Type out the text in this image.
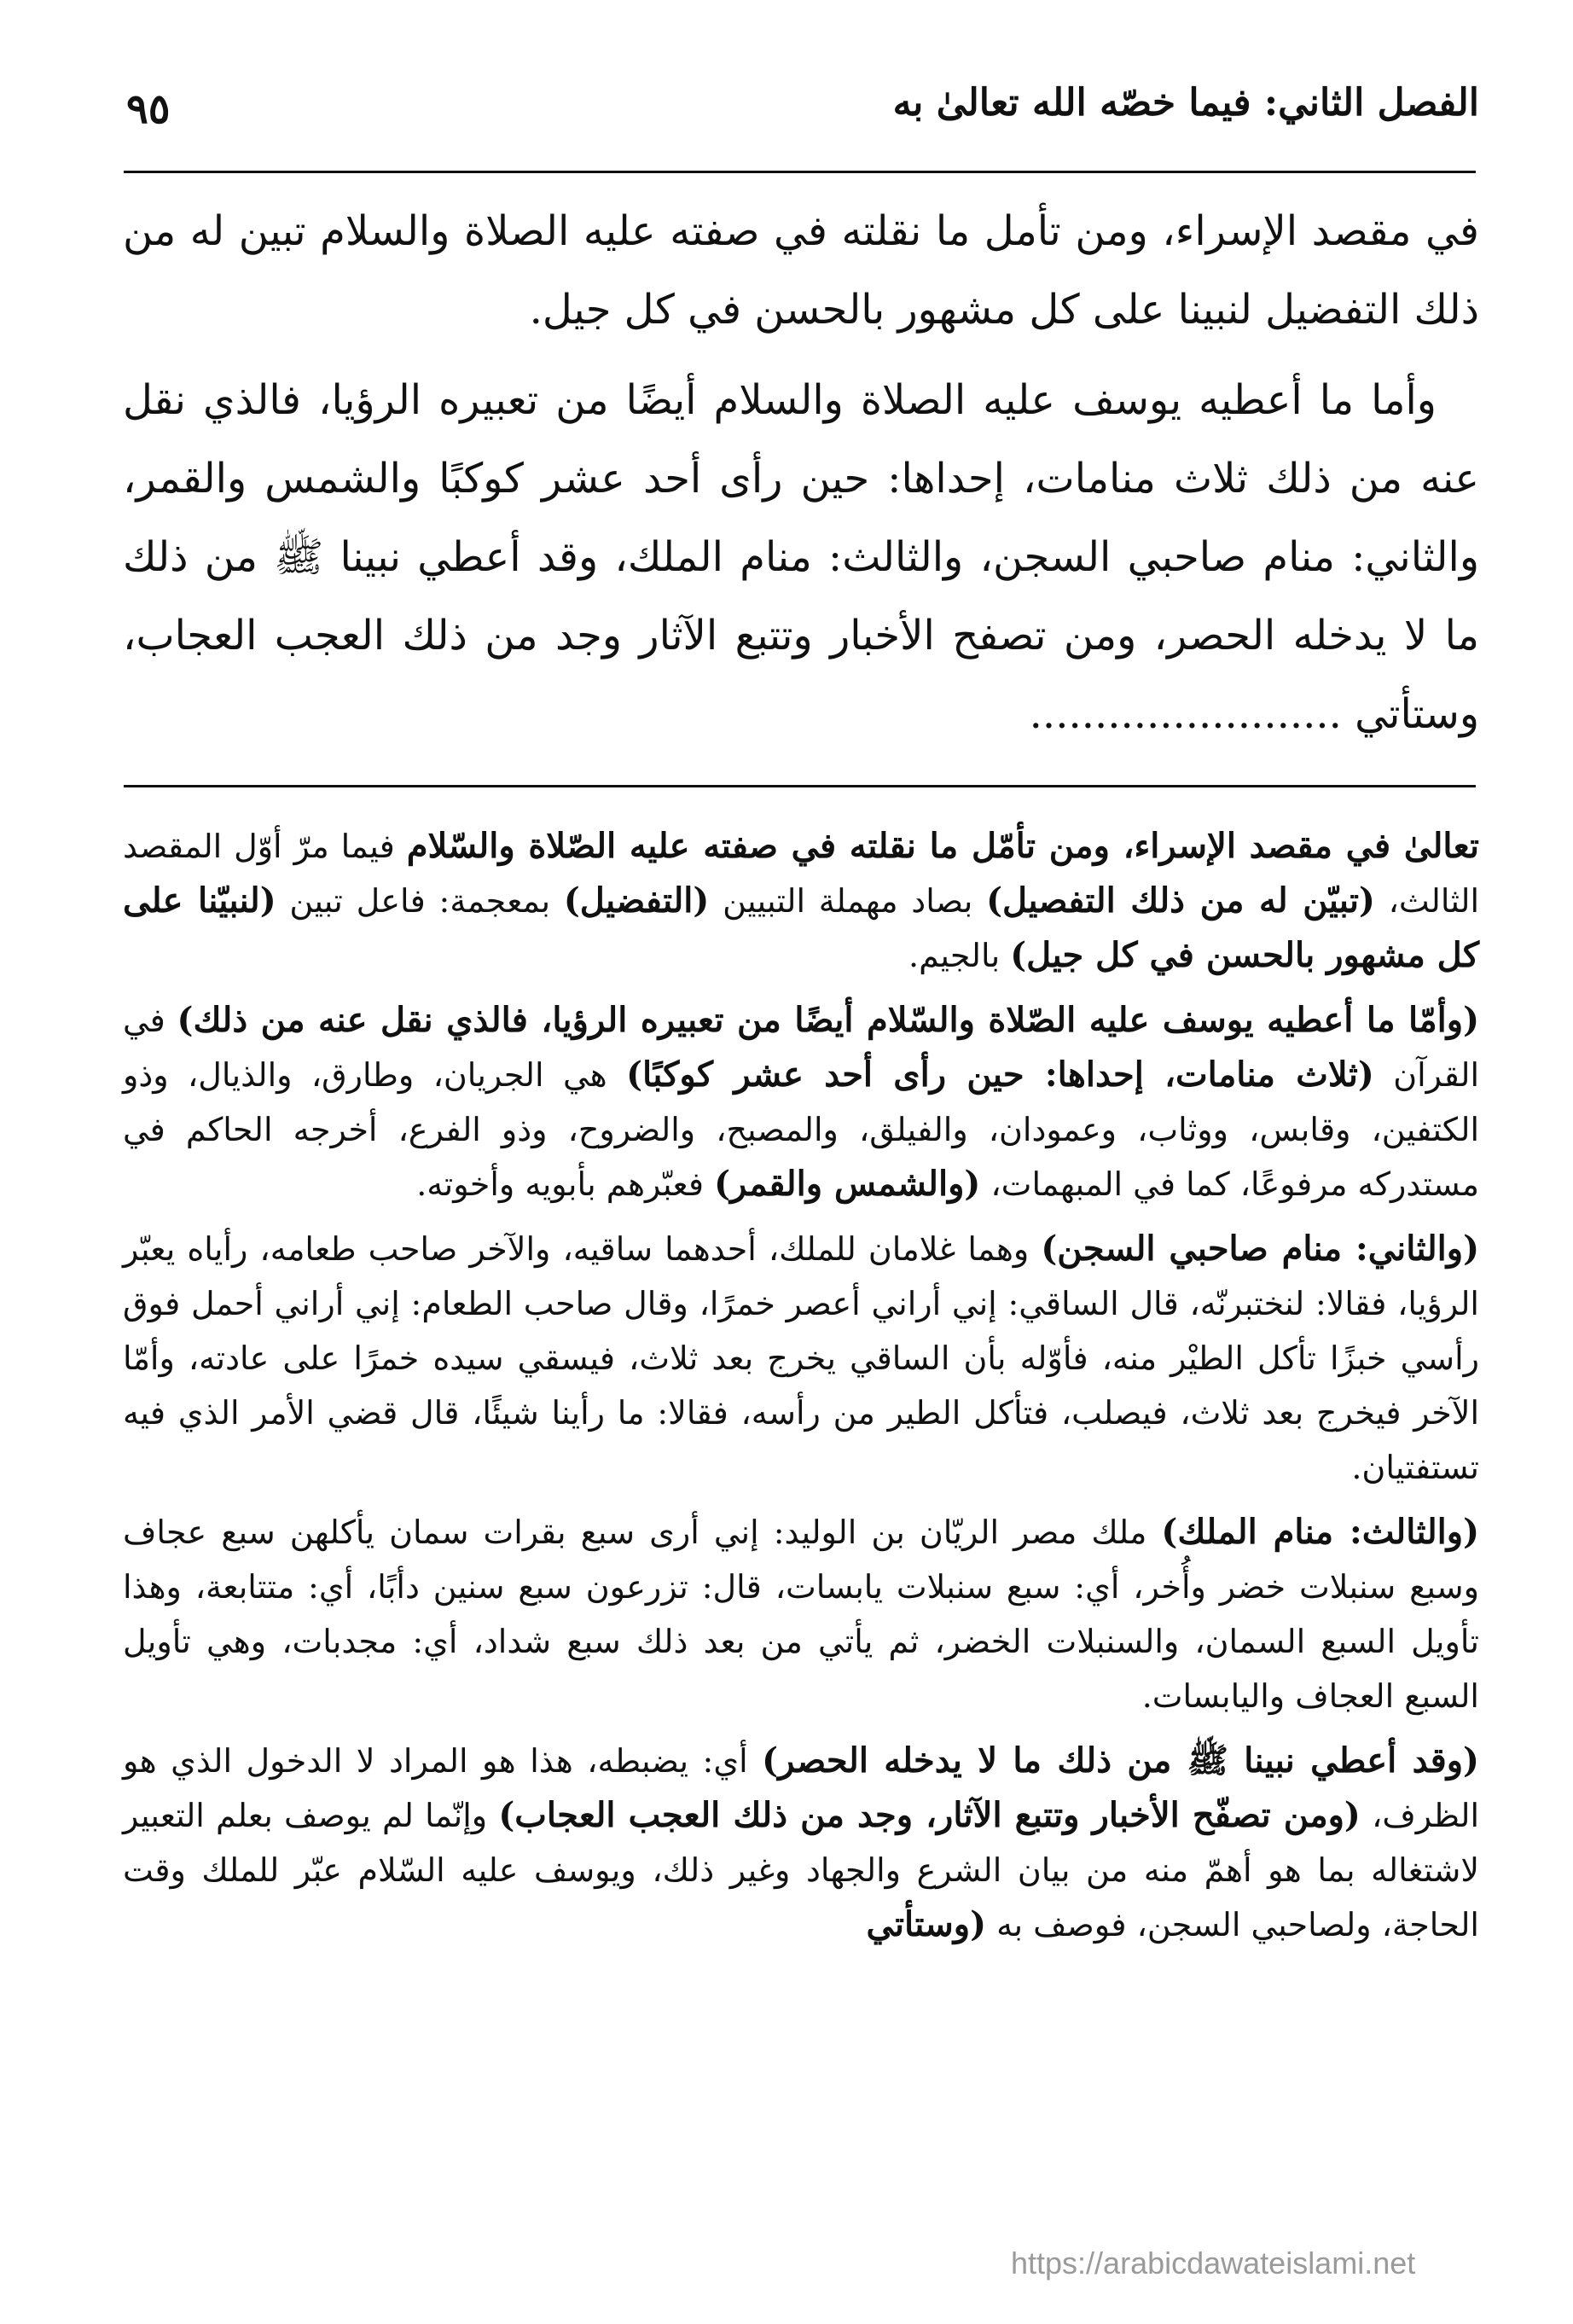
الفصل الثاني: فيما خصّه الله تعالىٰ به
٩٥

في مقصد الإسراء، ومن تأمل ما نقلته في صفته عليه الصلاة والسلام تبين له من ذلك التفضيل لنبينا على كل مشهور بالحسن في كل جيل.

وأما ما أعطيه يوسف عليه الصلاة والسلام أيضًا من تعبيره الرؤيا، فالذي نقل عنه من ذلك ثلاث منامات، إحداها: حين رأى أحد عشر كوكبًا والشمس والقمر، والثاني: منام صاحبي السجن، والثالث: منام الملك، وقد أعطي نبينا ﷺ من ذلك ما لا يدخله الحصر، ومن تصفح الأخبار وتتبع الآثار وجد من ذلك العجب العجاب، وستأتي ........................

تعالىٰ في مقصد الإسراء، ومن تأمّل ما نقلته في صفته عليه الصّلاة والسّلام فيما مرّ أوّل المقصد الثالث، (تبيّن له من ذلك التفصيل) بصاد مهملة التبيين (التفضيل) بمعجمة: فاعل تبين (لنبيّنا على كل مشهور بالحسن في كل جيل) بالجيم.

(وأمّا ما أعطيه يوسف عليه الصّلاة والسّلام أيضًا من تعبيره الرؤيا، فالذي نقل عنه من ذلك) في القرآن (ثلاث منامات، إحداها: حين رأى أحد عشر كوكبًا) هي الجريان، وطارق، والذيال، وذو الكتفين، وقابس، ووثاب، وعمودان، والفيلق، والمصبح، والضروح، وذو الفرع، أخرجه الحاكم في مستدركه مرفوعًا، كما في المبهمات، (والشمس والقمر) فعبّرهم بأبويه وأخوته.

(والثاني: منام صاحبي السجن) وهما غلامان للملك، أحدهما ساقيه، والآخر صاحب طعامه، رأياه يعبّر الرؤيا، فقالا: لنختبرنّه، قال الساقي: إني أراني أعصر خمرًا، وقال صاحب الطعام: إني أراني أحمل فوق رأسي خبزًا تأكل الطيْر منه، فأوّله بأن الساقي يخرج بعد ثلاث، فيسقي سيده خمرًا على عادته، وأمّا الآخر فيخرج بعد ثلاث، فيصلب، فتأكل الطير من رأسه، فقالا: ما رأينا شيئًا، قال قضي الأمر الذي فيه تستفتيان.

(والثالث: منام الملك) ملك مصر الريّان بن الوليد: إني أرى سبع بقرات سمان يأكلهن سبع عجاف وسبع سنبلات خضر وأُخر، أي: سبع سنبلات يابسات، قال: تزرعون سبع سنين دأبًا، أي: متتابعة، وهذا تأويل السبع السمان، والسنبلات الخضر، ثم يأتي من بعد ذلك سبع شداد، أي: مجدبات، وهي تأويل السبع العجاف واليابسات.

(وقد أعطي نبينا ﷺ من ذلك ما لا يدخله الحصر) أي: يضبطه، هذا هو المراد لا الدخول الذي هو الظرف، (ومن تصفّح الأخبار وتتبع الآثار، وجد من ذلك العجب العجاب) وإنّما لم يوصف بعلم التعبير لاشتغاله بما هو أهمّ منه من بيان الشرع والجهاد وغير ذلك، ويوسف عليه السّلام عبّر للملك وقت الحاجة، ولصاحبي السجن، فوصف به (وستأتي

https://arabicdawateislami.net
